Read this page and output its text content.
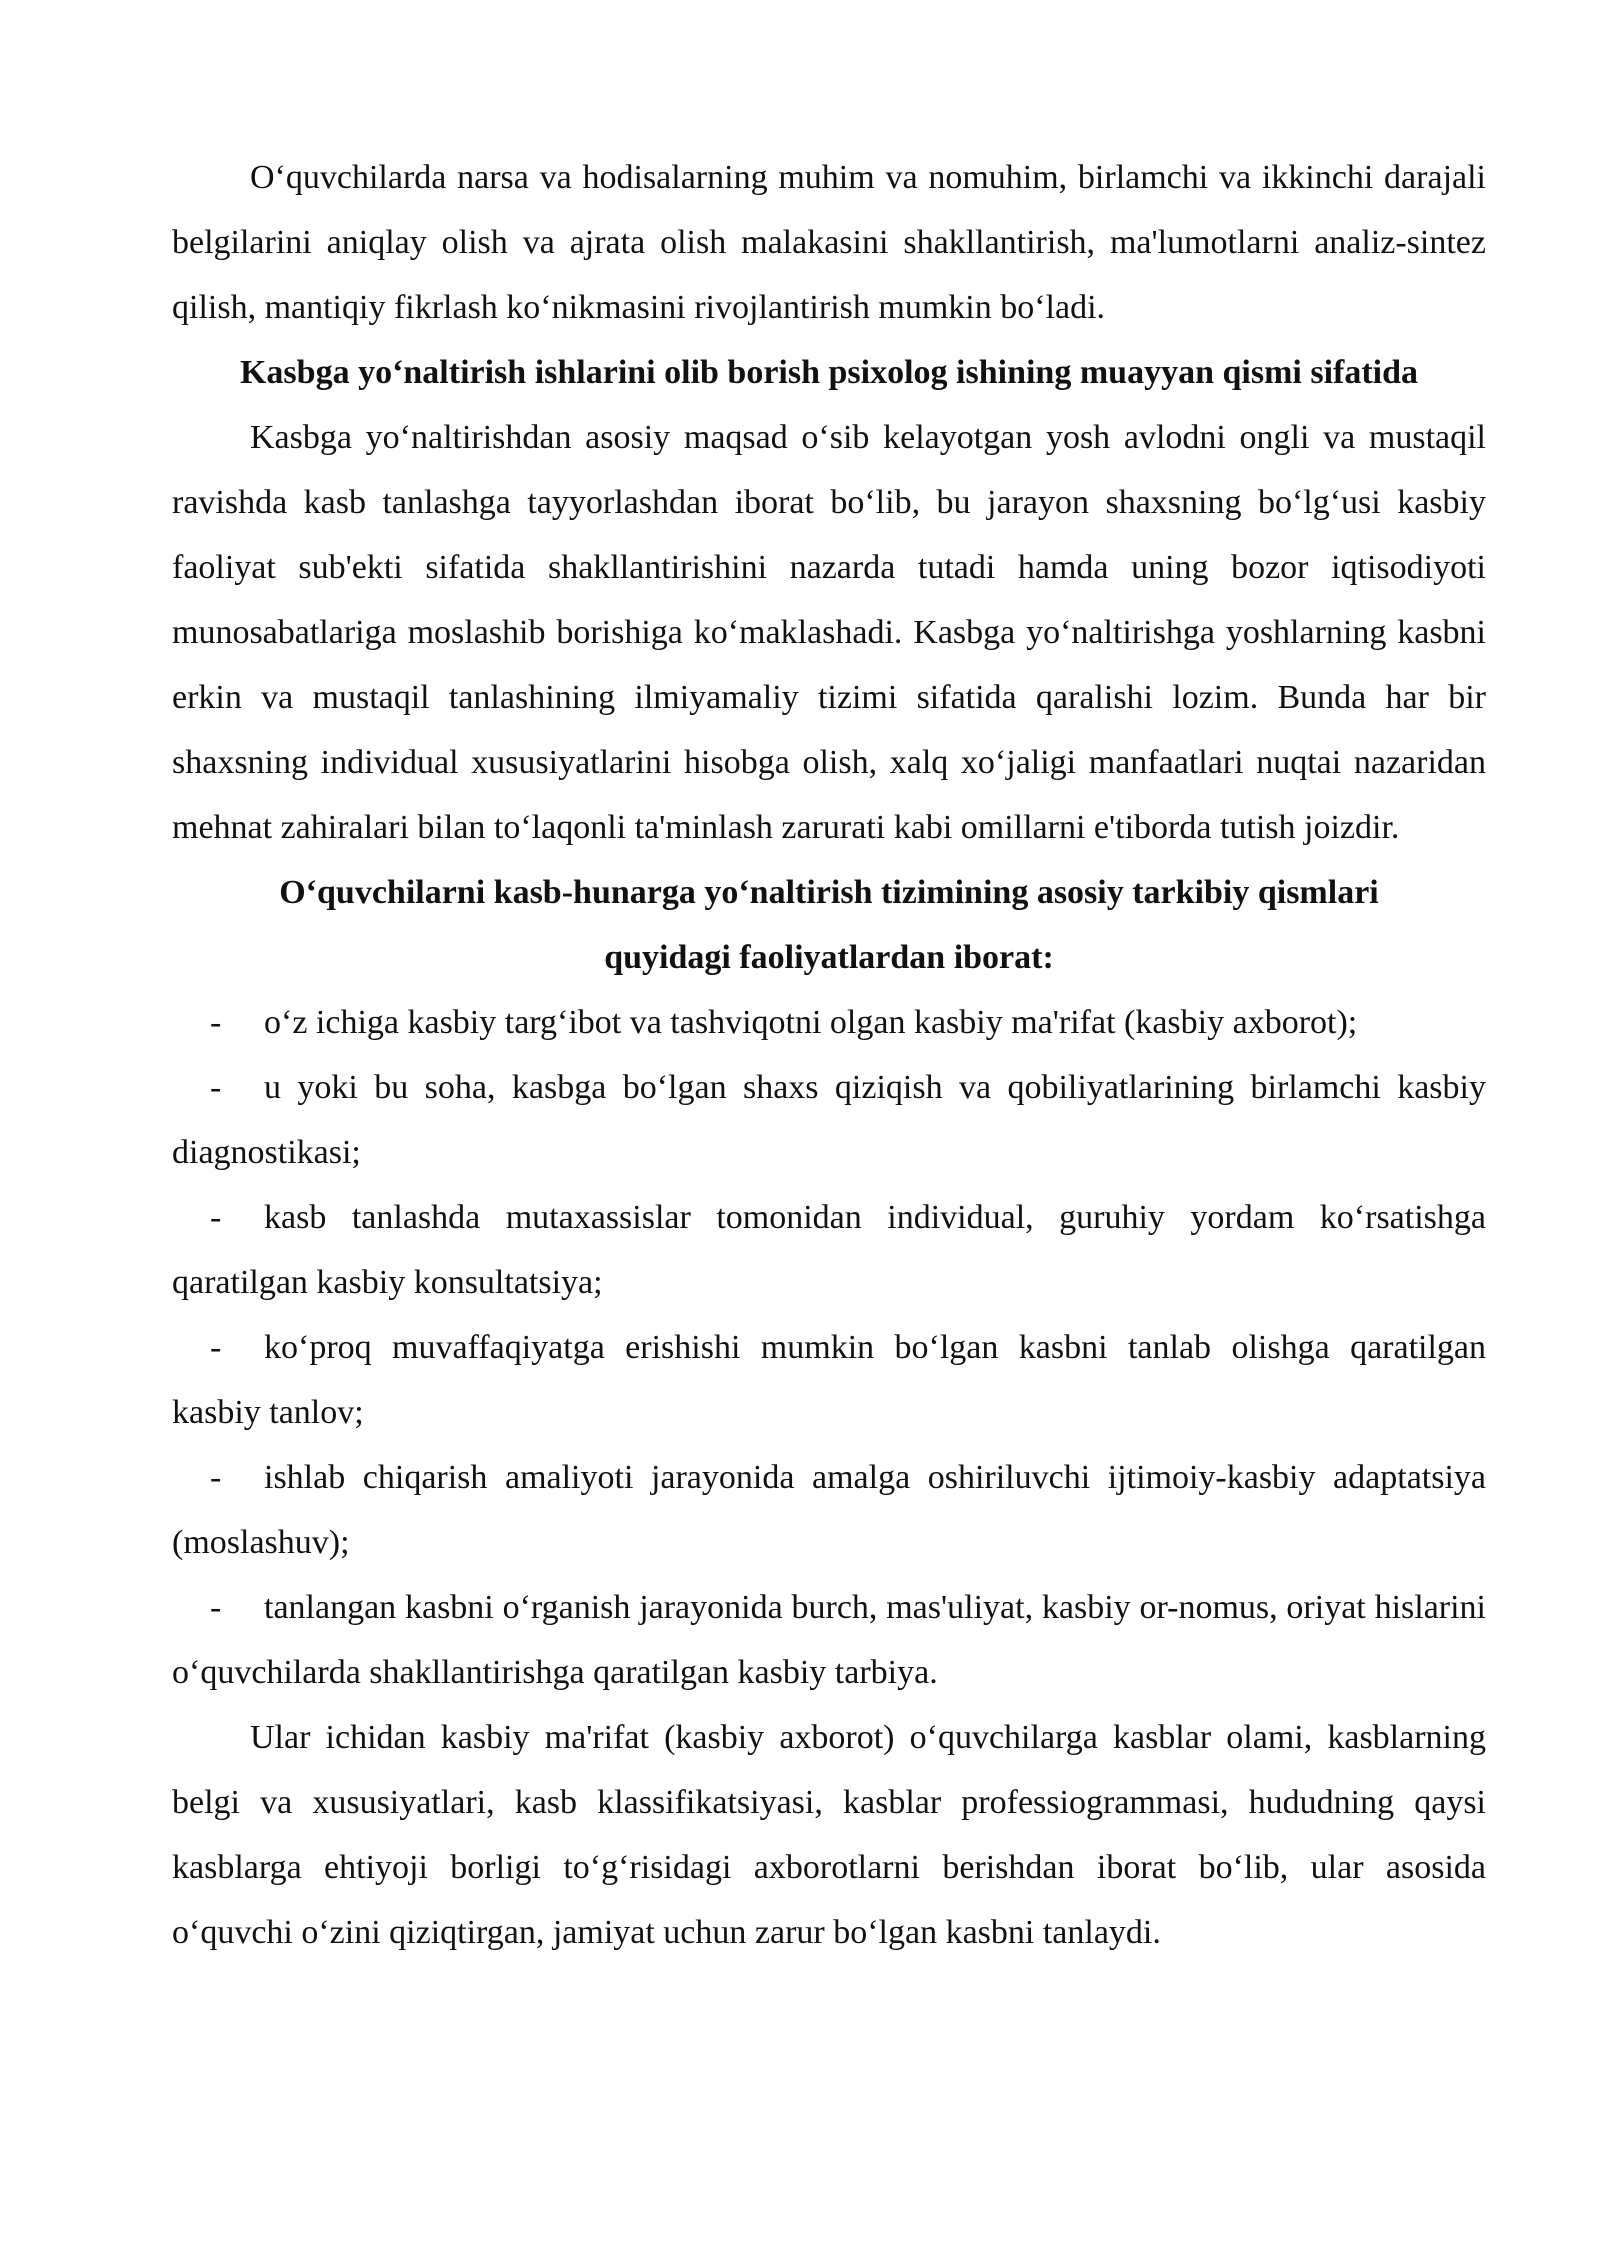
O‘quvchilarda narsa va hodisalarning muhim va nomuhim, birlamchi va ikkinchi darajali belgilarini aniqlay olish va ajrata olish malakasini shakllantirish, ma'lumotlarni analiz-sintez qilish, mantiqiy fikrlash ko‘nikmasini rivojlantirish mumkin bo‘ladi.

Kasbga yo‘naltirish ishlarini olib borish psixolog ishining muayyan qismi sifatida

Kasbga yo‘naltirishdan asosiy maqsad o‘sib kelayotgan yosh avlodni ongli va mustaqil ravishda kasb tanlashga tayyorlashdan iborat bo‘lib, bu jarayon shaxsning bo‘lg‘usi kasbiy faoliyat sub'ekti sifatida shakllantirishini nazarda tutadi hamda uning bozor iqtisodiyoti munosabatlariga moslashib borishiga ko‘maklashadi. Kasbga yo‘naltirishga yoshlarning kasbni erkin va mustaqil tanlashining ilmiyamaliy tizimi sifatida qaralishi lozim. Bunda har bir shaxsning individual xususiyatlarini hisobga olish, xalq xo‘jaligi manfaatlari nuqtai nazaridan mehnat zahiralari bilan to‘laqonli ta'minlash zarurati kabi omillarni e'tiborda tutish joizdir.

O‘quvchilarni kasb-hunarga yo‘naltirish tizimining asosiy tarkibiy qismlari quyidagi faoliyatlardan iborat:

- o‘z ichiga kasbiy targ‘ibot va tashviqotni olgan kasbiy ma'rifat (kasbiy axborot);
- u yoki bu soha, kasbga bo‘lgan shaxs qiziqish va qobiliyatlarining birlamchi kasbiy diagnostikasi;
- kasb tanlashda mutaxassislar tomonidan individual, guruhiy yordam ko‘rsatishga qaratilgan kasbiy konsultatsiya;
- ko‘proq muvaffaqiyatga erishishi mumkin bo‘lgan kasbni tanlab olishga qaratilgan kasbiy tanlov;
- ishlab chiqarish amaliyoti jarayonida amalga oshiriluvchi ijtimoiy-kasbiy adaptatsiya (moslashuv);
- tanlangan kasbni o‘rganish jarayonida burch, mas'uliyat, kasbiy or-nomus, oriyat hislarini o‘quvchilarda shakllantirishga qaratilgan kasbiy tarbiya.

Ular ichidan kasbiy ma'rifat (kasbiy axborot) o‘quvchilarga kasblar olami, kasblarning belgi va xususiyatlari, kasb klassifikatsiyasi, kasblar professiogrammasi, hududning qaysi kasblarga ehtiyoji borligi to‘g‘risidagi axborotlarni berishdan iborat bo‘lib, ular asosida o‘quvchi o‘zini qiziqtirgan, jamiyat uchun zarur bo‘lgan kasbni tanlaydi.
